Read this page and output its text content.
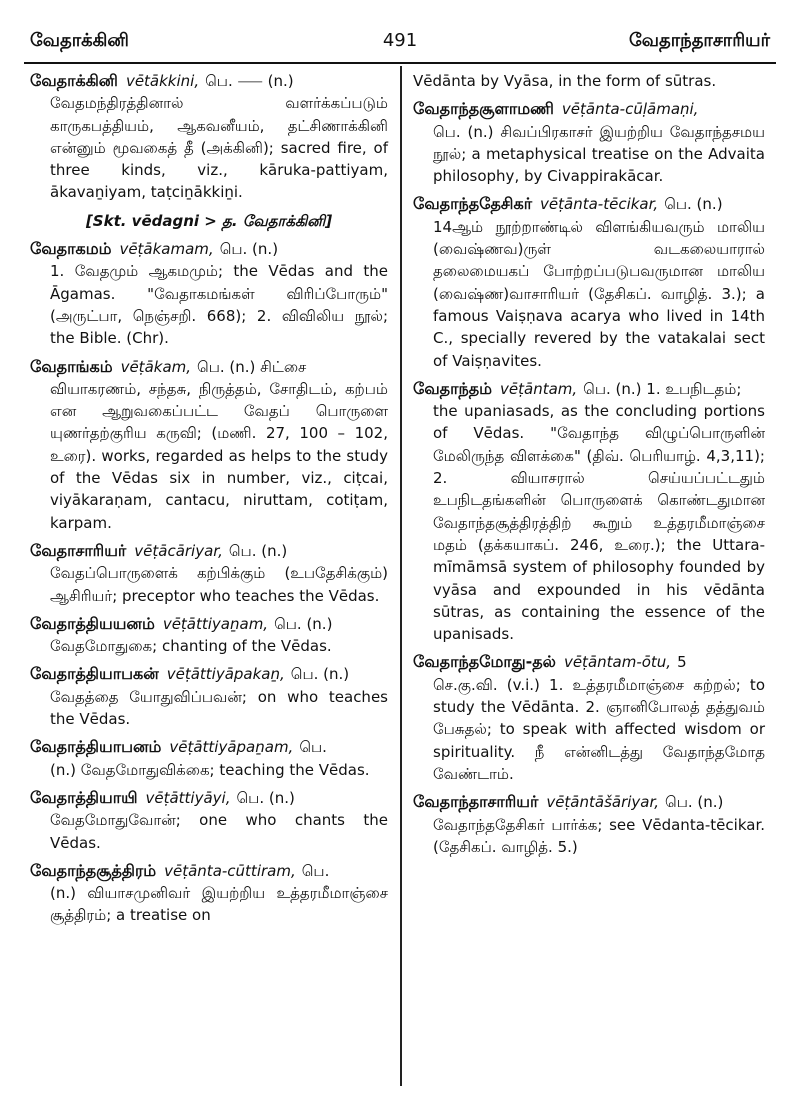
வேதாக்கினி	491	வேதாந்தாசாரியர்
வேதாக்கினி vētākkini, பெ. ⸺ (n.)
வேதமந்திரத்தினால் வளர்க்கப்படும் காருகபத்தியம், ஆகவனீயம், தட்சிணாக்கினி என்னும் மூவகைத் தீ (அக்கினி); sacred fire, of three kinds, viz., kāruka-pattiyam, ākavaṉiyam, taṭciṉākkiṉi.
[Skt. vēdagni > த. வேதாக்கினி]
வேதாகமம் vēṭākamam, பெ. (n.)
1. வேதமும் ஆகமமும்; the Vēdas and the Āgamas. "வேதாகமங்கள் விரிப்போரும்" (அருட்பா, நெஞ்சறி. 668); 2. விவிலிய நூல்; the Bible. (Chr).
வேதாங்கம் vēṭākam, பெ. (n.) சிட்சை
வியாகரணம், சந்தசு, நிருத்தம், சோதிடம், கற்பம் என ஆறுவகைப்பட்ட வேதப் பொருளை யுணர்தற்குரிய கருவி; (மணி. 27, 100 – 102, உரை). works, regarded as helps to the study of the Vēdas six in number, viz., ciṭcai, viyākaraṇam, cantacu, niruttam, cotiṭam, karpam.
வேதாசாரியர் vēṭācāriyar, பெ. (n.)
வேதப்பொருளைக் கற்பிக்கும் (உபதேசிக்கும்) ஆசிரியர்; preceptor who teaches the Vēdas.
வேதாத்தியயனம் vēṭāttiyaṉam, பெ. (n.)
வேதமோதுகை; chanting of the Vēdas.
வேதாத்தியாபகன் vēṭāttiyāpakaṉ, பெ. (n.)
வேதத்தை யோதுவிப்பவன்; on who teaches the Vēdas.
வேதாத்தியாபனம் vēṭāttiyāpaṉam, பெ.
(n.) வேதமோதுவிக்கை; teaching the Vēdas.
வேதாத்தியாயி vēṭāttiyāyi, பெ. (n.)
வேதமோதுவோன்; one who chants the Vēdas.
வேதாந்தசூத்திரம் vēṭānta-cūttiram, பெ.
(n.) வியாசமுனிவர் இயற்றிய உத்தரமீமாஞ்சை சூத்திரம்; a treatise on
Vēdānta by Vyāsa, in the form of sūtras.
வேதாந்தசூளாமணி vēṭānta-cūḷāmaṇi,
பெ. (n.) சிவப்பிரகாசர் இயற்றிய வேதாந்தசமய நூல்; a metaphysical treatise on the Advaita philosophy, by Civappirakācar.
வேதாந்ததேசிகர் vēṭānta-tēcikar, பெ. (n.)
14ஆம் நூற்றாண்டில் விளங்கியவரும் மாலிய (வைஷ்ணவ)ருள் வடகலையாரால் தலைமையகப் போற்றப்படுபவருமான மாலிய (வைஷ்ண)வாசாரியர் (தேசிகப். வாழித். 3.); a famous Vaiṣṇava acarya who lived in 14th C., specially revered by the vatakalai sect of Vaiṣṇavites.
வேதாந்தம் vēṭāntam, பெ. (n.) 1. உபநிடதம்;
the upaniasads, as the concluding portions of Vēdas. "வேதாந்த விழுப்பொருளின் மேலிருந்த விளக்கை" (திவ். பெரியாழ். 4,3,11); 2. வியாசரால் செய்யப்பட்டதும் உபநிடதங்களின் பொருளைக் கொண்டதுமான வேதாந்தசூத்திரத்திற் கூறும் உத்தரமீமாஞ்சை மதம் (தக்கயாகப். 246, உரை.); the Uttara-mīmāmsā system of philosophy founded by vyāsa and expounded in his vēdānta sūtras, as containing the essence of the upanisads.
வேதாந்தமோது-தல் vēṭāntam-ōtu, 5
செ.கு.வி. (v.i.) 1. உத்தரமீமாஞ்சை கற்றல்; to study the Vēdānta. 2. ஞானிபோலத் தத்துவம் பேசுதல்; to speak with affected wisdom or spirituality. நீ என்னிடத்து வேதாந்தமோத வேண்டாம்.
வேதாந்தாசாரியர் vēṭāntāšāriyar, பெ. (n.)
வேதாந்ததேசிகர் பார்க்க; see Vēdanta-tēcikar. (தேசிகப். வாழித். 5.)
